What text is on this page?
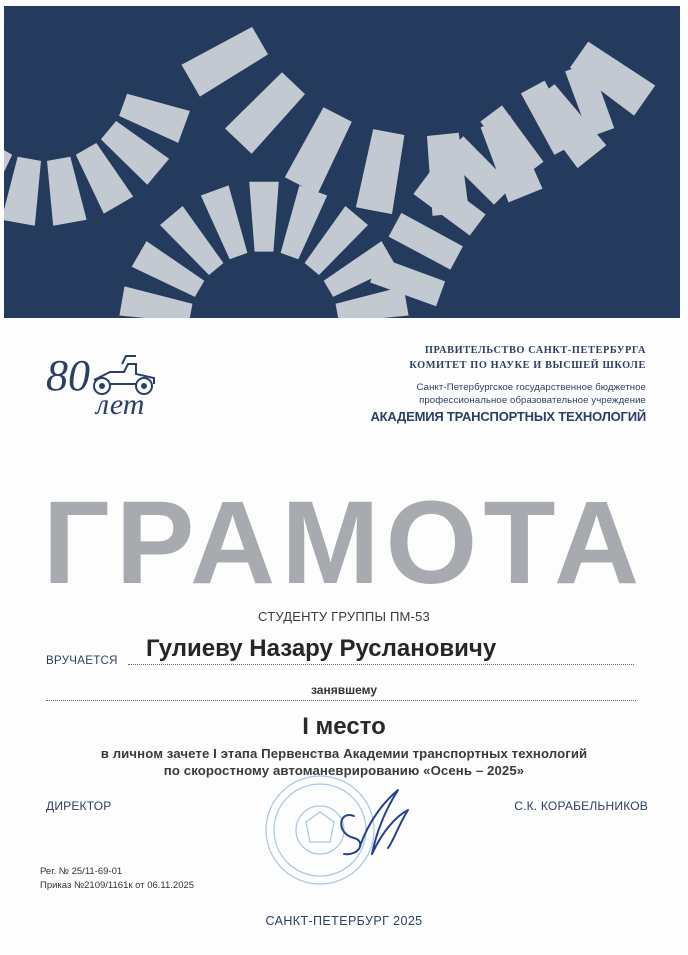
80
лет
ПРАВИТЕЛЬСТВО САНКТ-ПЕТЕРБУРГА
КОМИТЕТ ПО НАУКЕ И ВЫСШЕЙ ШКОЛЕ
Санкт-Петербургское государственное бюджетное
профессиональное образовательное учреждение
АКАДЕМИЯ ТРАНСПОРТНЫХ ТЕХНОЛОГИЙ
ГРАМОТА
СТУДЕНТУ ГРУППЫ ПМ-53
ВРУЧАЕТСЯ Гулиеву Назару Руслановичу
занявшему
I место
в личном зачете I этапа Первенства Академии транспортных технологий
по скоростному автоманеврированию «Осень – 2025»
ДИРЕКТОР	С.К. КОРАБЕЛЬНИКОВ
Рег. № 25/11-69-01
Приказ №2109/1161к от 06.11.2025
САНКТ-ПЕТЕРБУРГ 2025
